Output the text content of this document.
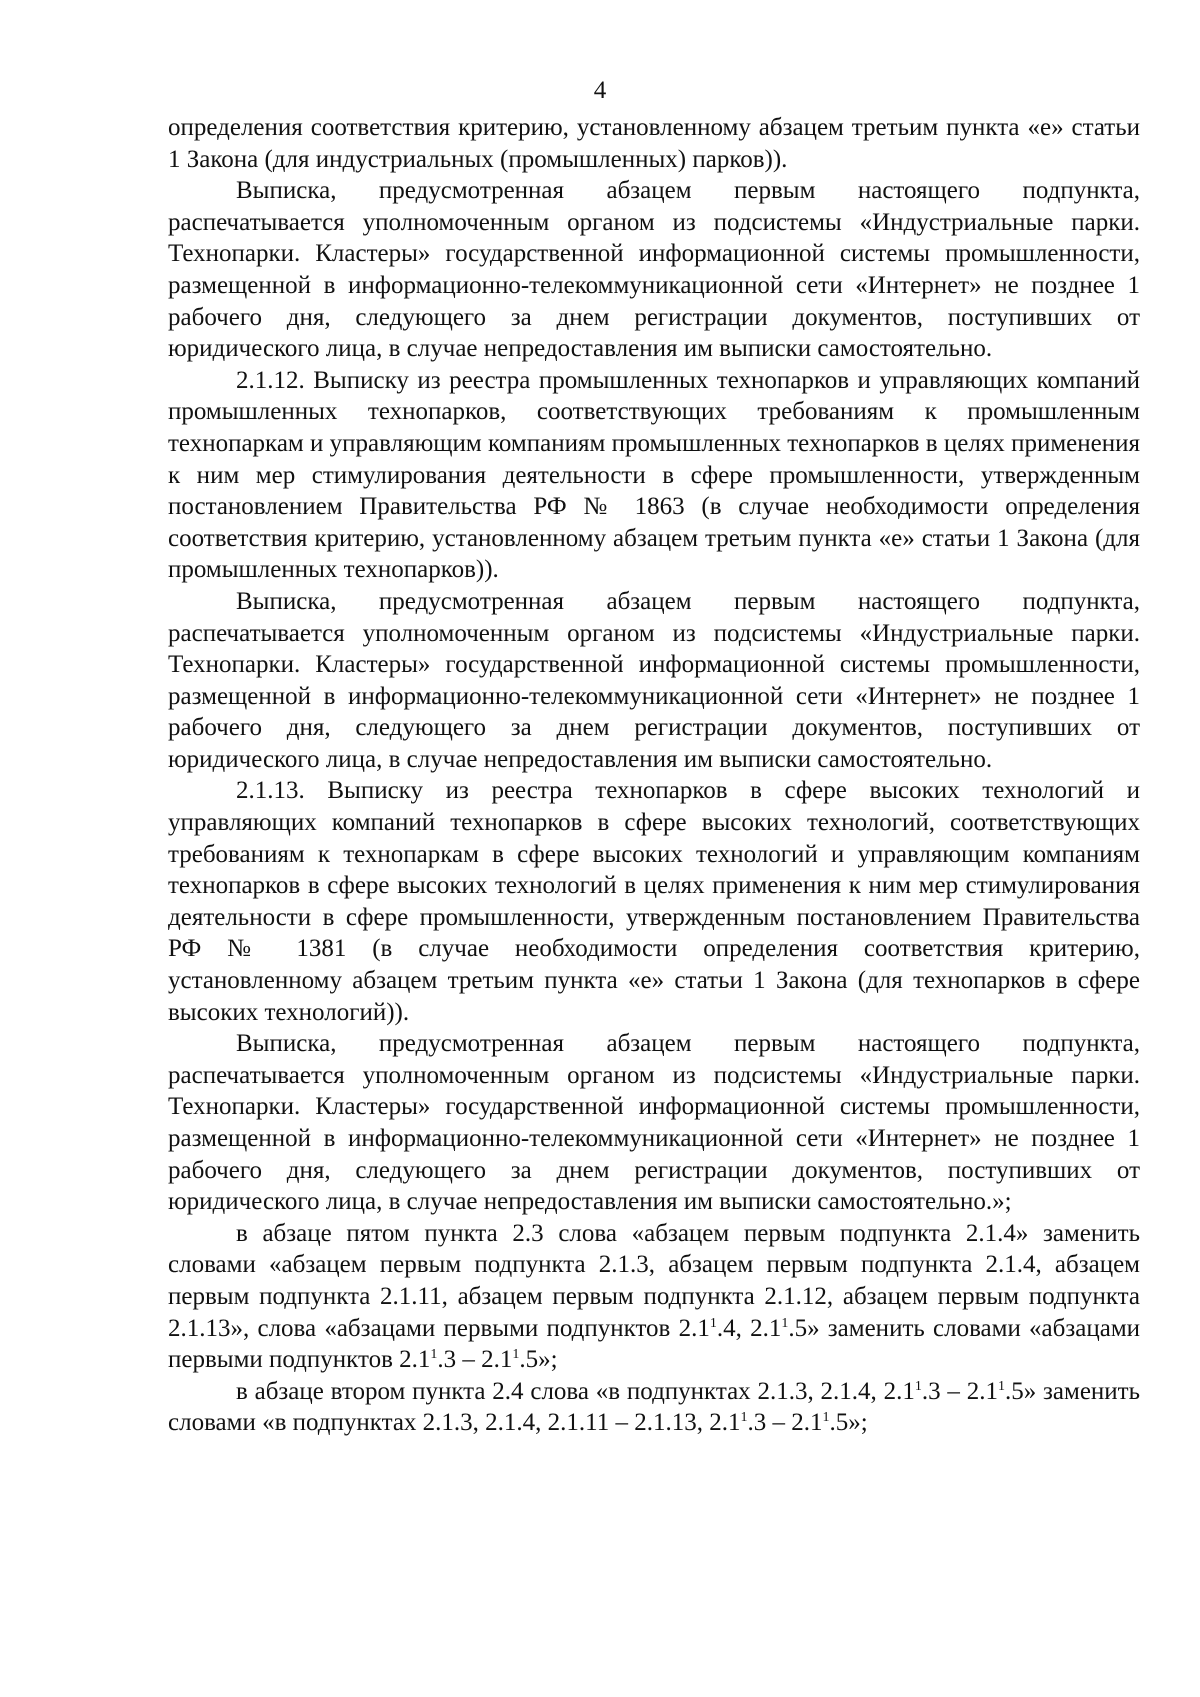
4

определения соответствия критерию, установленному абзацем третьим пункта «е» статьи 1 Закона (для индустриальных (промышленных) парков)).

Выписка, предусмотренная абзацем первым настоящего подпункта, распечатывается уполномоченным органом из подсистемы «Индустриальные парки. Технопарки. Кластеры» государственной информационной системы промышленности, размещенной в информационно-телекоммуникационной сети «Интернет» не позднее 1 рабочего дня, следующего за днем регистрации документов, поступивших от юридического лица, в случае непредоставления им выписки самостоятельно.

2.1.12. Выписку из реестра промышленных технопарков и управляющих компаний промышленных технопарков, соответствующих требованиям к промышленным технопаркам и управляющим компаниям промышленных технопарков в целях применения к ним мер стимулирования деятельности в сфере промышленности, утвержденным постановлением Правительства РФ № 1863 (в случае необходимости определения соответствия критерию, установленному абзацем третьим пункта «е» статьи 1 Закона (для промышленных технопарков)).

Выписка, предусмотренная абзацем первым настоящего подпункта, распечатывается уполномоченным органом из подсистемы «Индустриальные парки. Технопарки. Кластеры» государственной информационной системы промышленности, размещенной в информационно-телекоммуникационной сети «Интернет» не позднее 1 рабочего дня, следующего за днем регистрации документов, поступивших от юридического лица, в случае непредоставления им выписки самостоятельно.

2.1.13. Выписку из реестра технопарков в сфере высоких технологий и управляющих компаний технопарков в сфере высоких технологий, соответствующих требованиям к технопаркам в сфере высоких технологий и управляющим компаниям технопарков в сфере высоких технологий в целях применения к ним мер стимулирования деятельности в сфере промышленности, утвержденным постановлением Правительства РФ № 1381 (в случае необходимости определения соответствия критерию, установленному абзацем третьим пункта «е» статьи 1 Закона (для технопарков в сфере высоких технологий)).

Выписка, предусмотренная абзацем первым настоящего подпункта, распечатывается уполномоченным органом из подсистемы «Индустриальные парки. Технопарки. Кластеры» государственной информационной системы промышленности, размещенной в информационно-телекоммуникационной сети «Интернет» не позднее 1 рабочего дня, следующего за днем регистрации документов, поступивших от юридического лица, в случае непредоставления им выписки самостоятельно.»;

в абзаце пятом пункта 2.3 слова «абзацем первым подпункта 2.1.4» заменить словами «абзацем первым подпункта 2.1.3, абзацем первым подпункта 2.1.4, абзацем первым подпункта 2.1.11, абзацем первым подпункта 2.1.12, абзацем первым подпункта 2.1.13», слова «абзацами первыми подпунктов $2.1^1.4$, $2.1^1.5$» заменить словами «абзацами первыми подпунктов $2.1^1.3 - 2.1^1.5$»;

в абзаце втором пункта 2.4 слова «в подпунктах 2.1.3, 2.1.4, $2.1^1.3 - 2.1^1.5$» заменить словами «в подпунктах 2.1.3, 2.1.4, 2.1.11 – 2.1.13, $2.1^1.3 - 2.1^1.5$»;
